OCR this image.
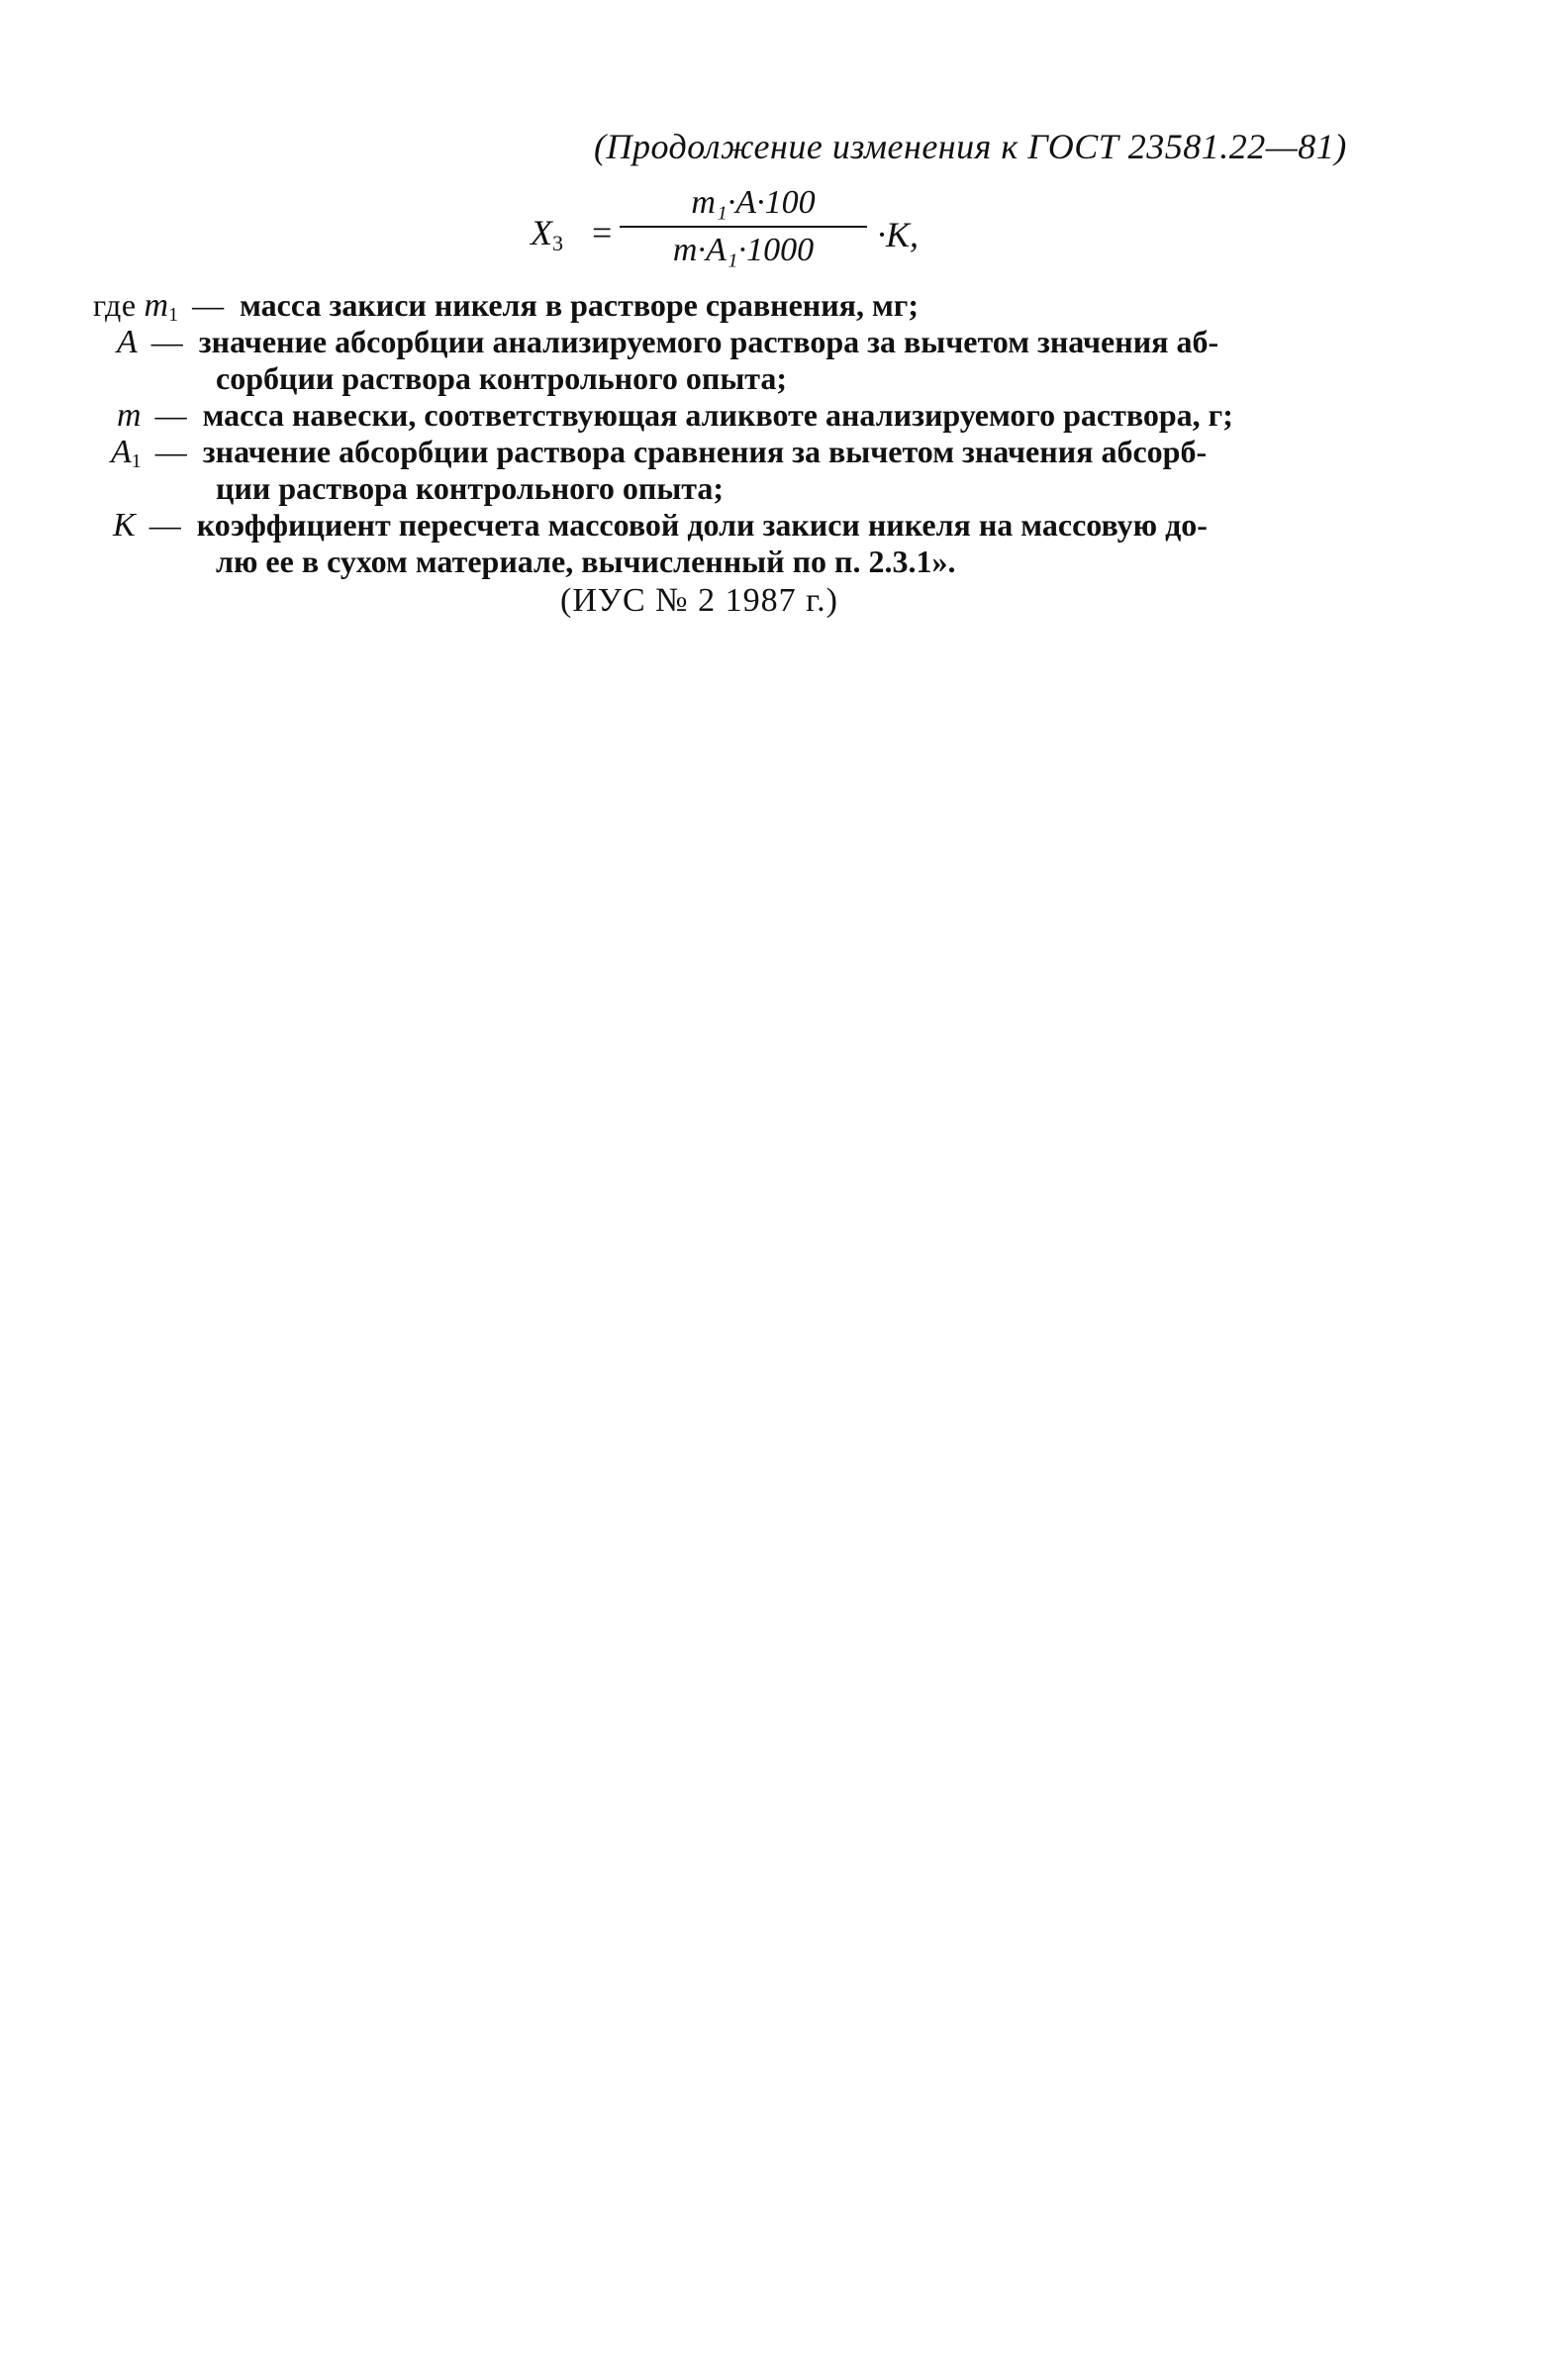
(Продолжение изменения к ГОСТ 23581.22—81)
$X_3$ =
m₁·A·100
m·A₁·1000	·K,
где $m_1$ — масса закиси никеля в растворе сравнения, мг;
A — значение абсорбции анализируемого раствора за вычетом значения аб-
сорбции раствора контрольного опыта;
m — масса навески, соответствующая аликвоте анализируемого раствора, г;
$A_1$ — значение абсорбции раствора сравнения за вычетом значения абсорб-
ции раствора контрольного опыта;
K — коэффициент пересчета массовой доли закиси никеля на массовую до-
лю ее в сухом материале, вычисленный по п. 2.3.1».
(ИУС № 2 1987 г.)
